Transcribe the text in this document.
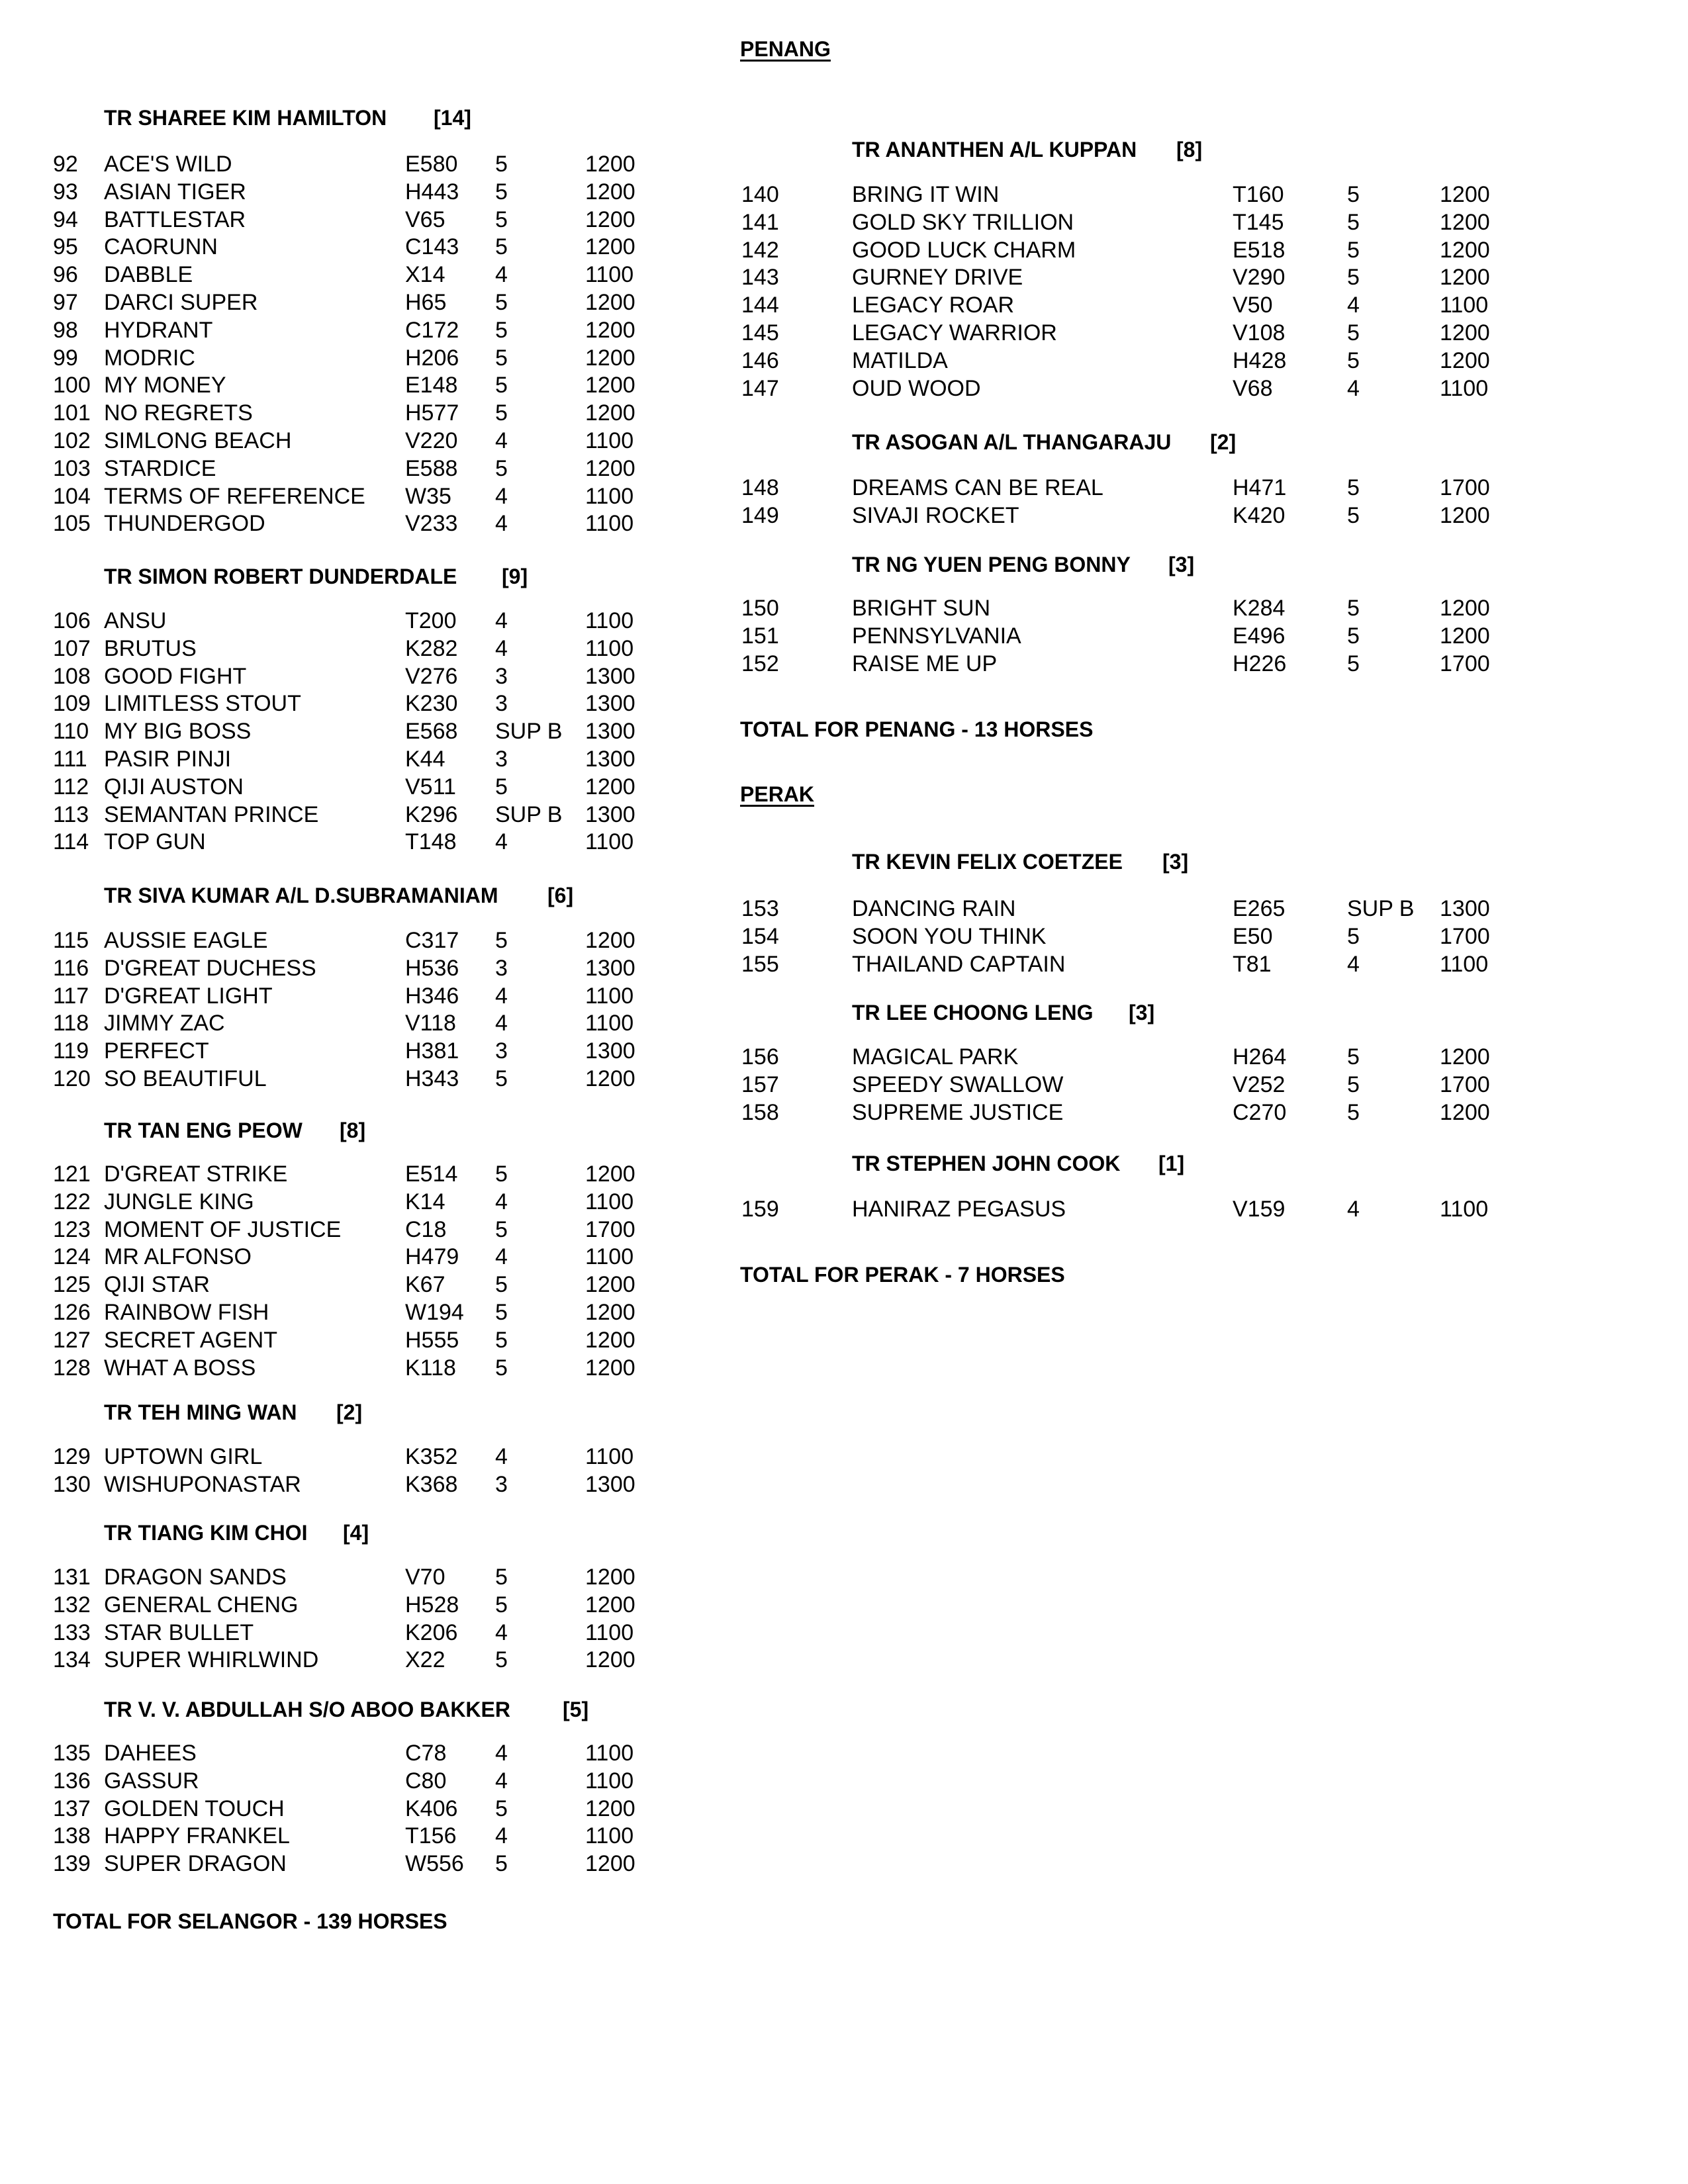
TR SHAREE KIM HAMILTON [14]
92 ACE'S WILD	E580 5	1200
93 ASIAN TIGER	H443 5	1200
94 BATTLESTAR	V65 5	1200
95 CAORUNN	C143 5	1200
96 DABBLE	X14 4	1100
97 DARCI SUPER	H65 5	1200
98 HYDRANT	C172 5	1200
99 MODRIC	H206 5	1200
100 MY MONEY	E148 5	1200
101 NO REGRETS	H577 5	1200
102 SIMLONG BEACH	V220 4	1100
103 STARDICE	E588 5	1200
104 TERMS OF REFERENCE W35 4	1100
105 THUNDERGOD	V233 4	1100
TR SIMON ROBERT DUNDERDALE [9]
106 ANSU	T200 4	1100
107 BRUTUS	K282 4	1100
108 GOOD FIGHT	V276 3	1300
109 LIMITLESS STOUT	K230 3	1300
110 MY BIG BOSS	E568 SUP B 1300
111 PASIR PINJI	K44 3	1300
112 QIJI AUSTON	V511 5	1200
113 SEMANTAN PRINCE	K296 SUP B 1300
114 TOP GUN	T148 4	1100
TR SIVA KUMAR A/L D.SUBRAMANIAM [6]
115 AUSSIE EAGLE	C317 5	1200
116 D'GREAT DUCHESS	H536 3	1300
117 D'GREAT LIGHT	H346 4	1100
118 JIMMY ZAC	V118 4	1100
119 PERFECT	H381 3	1300
120 SO BEAUTIFUL	H343 5	1200
TR TAN ENG PEOW [8]
121 D'GREAT STRIKE	E514 5	1200
122 JUNGLE KING	K14 4	1100
123 MOMENT OF JUSTICE	C18 5	1700
124 MR ALFONSO	H479 4	1100
125 QIJI STAR	K67 5	1200
126 RAINBOW FISH	W194 5	1200
127 SECRET AGENT	H555 5	1200
128 WHAT A BOSS	K118 5	1200
TR TEH MING WAN [2]
129 UPTOWN GIRL	K352 4	1100
130 WISHUPONASTAR	K368 3	1300
TR TIANG KIM CHOI [4]
131 DRAGON SANDS	V70 5	1200
132 GENERAL CHENG	H528 5	1200
133 STAR BULLET	K206 4	1100
134 SUPER WHIRLWIND	X22 5	1200
TR V. V. ABDULLAH S/O ABOO BAKKER [5]
135 DAHEES	C78 4	1100
136 GASSUR	C80 4	1100
137 GOLDEN TOUCH	K406 5	1200
138 HAPPY FRANKEL	T156 4	1100
139 SUPER DRAGON	W556 5	1200
TOTAL FOR SELANGOR - 139 HORSES
PENANG
TR ANANTHEN A/L KUPPAN [8]
140	BRING IT WIN	T160	5	1200
141	GOLD SKY TRILLION	T145	5	1200
142	GOOD LUCK CHARM	E518	5	1200
143	GURNEY DRIVE	V290	5	1200
144	LEGACY ROAR	V50	4	1100
145	LEGACY WARRIOR	V108	5	1200
146	MATILDA	H428	5	1200
147	OUD WOOD	V68	4	1100
TR ASOGAN A/L THANGARAJU [2]
148	DREAMS CAN BE REAL	H471	5	1700
149	SIVAJI ROCKET	K420	5	1200
TR NG YUEN PENG BONNY [3]
150	BRIGHT SUN	K284	5	1200
151	PENNSYLVANIA	E496	5	1200
152	RAISE ME UP	H226	5	1700
TOTAL FOR PENANG - 13 HORSES
PERAK
TR KEVIN FELIX COETZEE [3]
153	DANCING RAIN	E265	SUP B 1300
154	SOON YOU THINK	E50	5	1700
155	THAILAND CAPTAIN	T81	4	1100
TR LEE CHOONG LENG [3]
156	MAGICAL PARK	H264	5	1200
157	SPEEDY SWALLOW	V252	5	1700
158	SUPREME JUSTICE	C270	5	1200
TR STEPHEN JOHN COOK [1]
159	HANIRAZ PEGASUS	V159	4	1100
TOTAL FOR PERAK - 7 HORSES
